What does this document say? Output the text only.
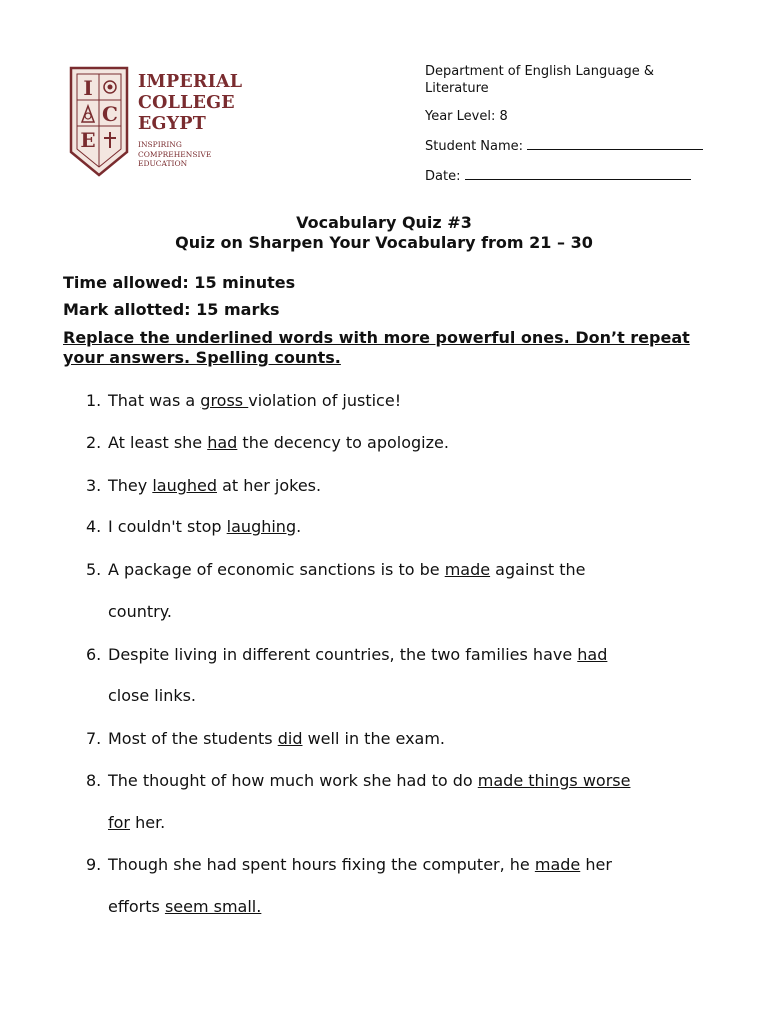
I
C
E
IMPERIAL
COLLEGE
EGYPT
INSPIRING
COMPREHENSIVE
EDUCATION
Department of English Language &
Literature
Year Level: 8
Student Name:
Date:
Vocabulary Quiz #3
Quiz on Sharpen Your Vocabulary from 21 – 30
Time allowed: 15 minutes
Mark allotted: 15 marks
Replace the underlined words with more powerful ones. Don’t repeat your answers. Spelling counts.
1. That was a gross violation of justice!
2. At least she had the decency to apologize.
3. They laughed at her jokes.
4. I couldn't stop laughing.
5. A package of economic sanctions is to be made against the
country.
6. Despite living in different countries, the two families have had
close links.
7. Most of the students did well in the exam.
8. The thought of how much work she had to do made things worse
for her.
9. Though she had spent hours fixing the computer, he made her
efforts seem small.
